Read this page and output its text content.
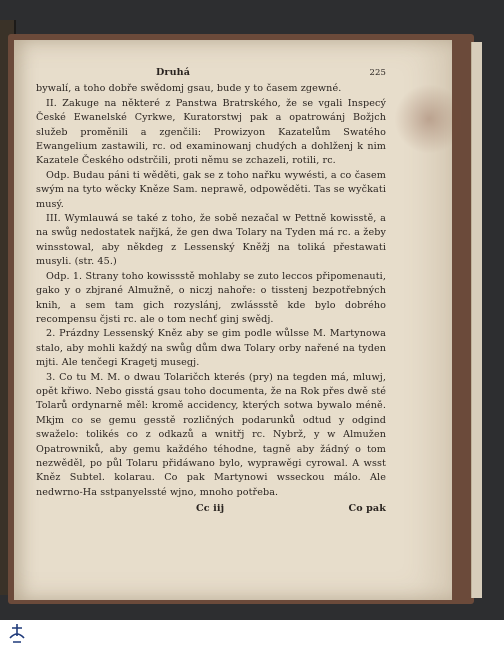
Druhá	225

bywalí, a toho dobře swědomj gsau, bude y to časem zgewné.

II. Zakuge na některé z Panstwa Bratrského, že se vgali Inspecý České Ewanelské Cyrkwe, Kuratorstwj pak a opatrowánj Božjch služeb proměnili a zgenčili: Prowizyon Kazatelům Swatého Ewangelium zastawili, rc. od examinowanj chudých a dohlženj k nim Kazatele Českého odstrčili, proti němu se zchazeli, rotili, rc.

Odp. Budau páni ti wěděti, gak se z toho nařku wywésti, a co časem swým na tyto wěcky Kněze Sam. neprawě, odpowěděti. Tas se wyčkati musý.

III. Wymlauwá se také z toho, že sobě nezačal w Pettně kowisstě, a na swůg nedostatek nařjká, že gen dwa Tolary na Tyden má rc. a žeby winsstowal, aby někdeg z Lessenský Kněžj na toliká přestawati musyli. (str. 45.)

Odp. 1. Strany toho kowissstě mohlaby se zuto leccos připomenauti, gako y o zbjrané Almužně, o niczj nahoře: o tisstenj bezpotřebných knih, a sem tam gich rozyslánj, zwlássstě kde bylo dobrého recompensu čjsti rc. ale o tom nechť ginj swědj.

2. Prázdny Lessenský Kněz aby se gim podle wůlsse M. Martynowa stalo, aby mohli každý na swůg dům dwa Tolary orby nařené na tyden mjti. Ale tenčegi Kragetj musegj.

3. Co tu M. M. o dwau Tolaričch kterés (pry) na tegden má, mluwj, opět křiwo. Nebo gisstá gsau toho documenta, že na Rok přes dwě sté Tolarů ordynarně měl: kromě accidency, kterých sotwa bywalo méně. Mkjm co se gemu gesstě rozličných podarunků odtud y odgind swaželo: tolikés co z odkazů a wnitřj rc. Nybrž, y w Almužen Opatrowniků, aby gemu každého téhodne, tagně aby žádný o tom nezwěděl, po půl Tolaru přidáwano bylo, wyprawěgi cyrowal. A wsst Kněz Subtel. kolarau. Co pak Martynowi wsseckou málo. Ale nedwrno-Ha sstpanyelssté wjno, mnoho potřeba.

Cc iij	Co pak
